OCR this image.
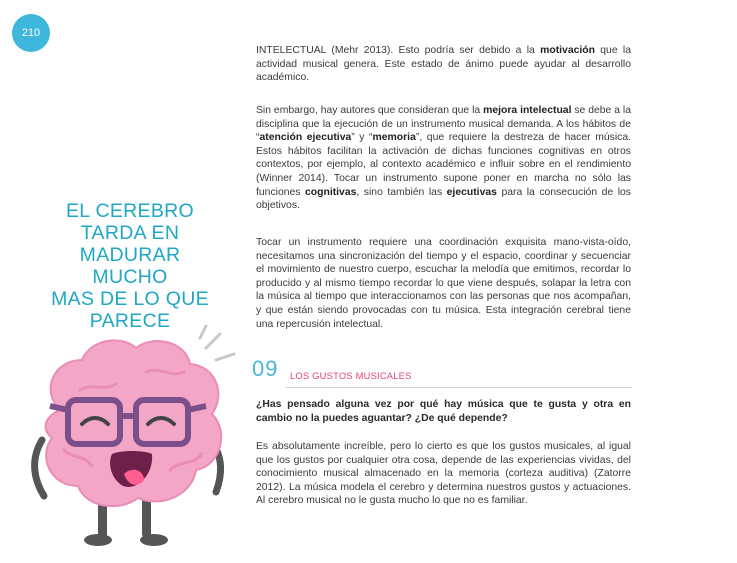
210
EL CEREBRO
TARDA EN
MADURAR MUCHO
MAS DE LO QUE
PARECE

INTELECTUAL (Mehr 2013). Esto podría ser debido a la motivación que la actividad musical genera. Este estado de ánimo puede ayudar al desarrollo académico.

Sin embargo, hay autores que consideran que la mejora intelectual se debe a la disciplina que la ejecución de un instrumento musical demanda. A los hábitos de “atención ejecutiva” y “memoria”, que requiere la destreza de hacer música. Estos hábitos facilitan la activación de dichas funciones cognitivas en otros contextos, por ejemplo, al contexto académico e influir sobre en el rendimiento (Winner 2014). Tocar un instrumento supone poner en marcha no sólo las funciones cognitivas, sino también las ejecutivas para la consecución de los objetivos.

Tocar un instrumento requiere una coordinación exquisita mano-vista-oído, necesitamos una sincronización del tiempo y el espacio, coordinar y secuenciar el movimiento de nuestro cuerpo, escuchar la melodía que emitimos, recordar lo producido y al mismo tiempo recordar lo que viene después, solapar la letra con la música al tiempo que interaccionamos con las personas que nos acompañan, y que están siendo provocadas con tu música. Esta integración cerebral tiene una repercusión intelectual.

09 LOS GUSTOS MUSICALES

¿Has pensado alguna vez por qué hay música que te gusta y otra en cambio no la puedes aguantar? ¿De qué depende?

Es absolutamente increíble, pero lo cierto es que los gustos musicales, al igual que los gustos por cualquier otra cosa, depende de las experiencias vividas, del conocimiento musical almacenado en la memoria (corteza auditiva) (Zatorre 2012). La música modela el cerebro y determina nuestros gustos y actuaciones. Al cerebro musical no le gusta mucho lo que no es familiar.
